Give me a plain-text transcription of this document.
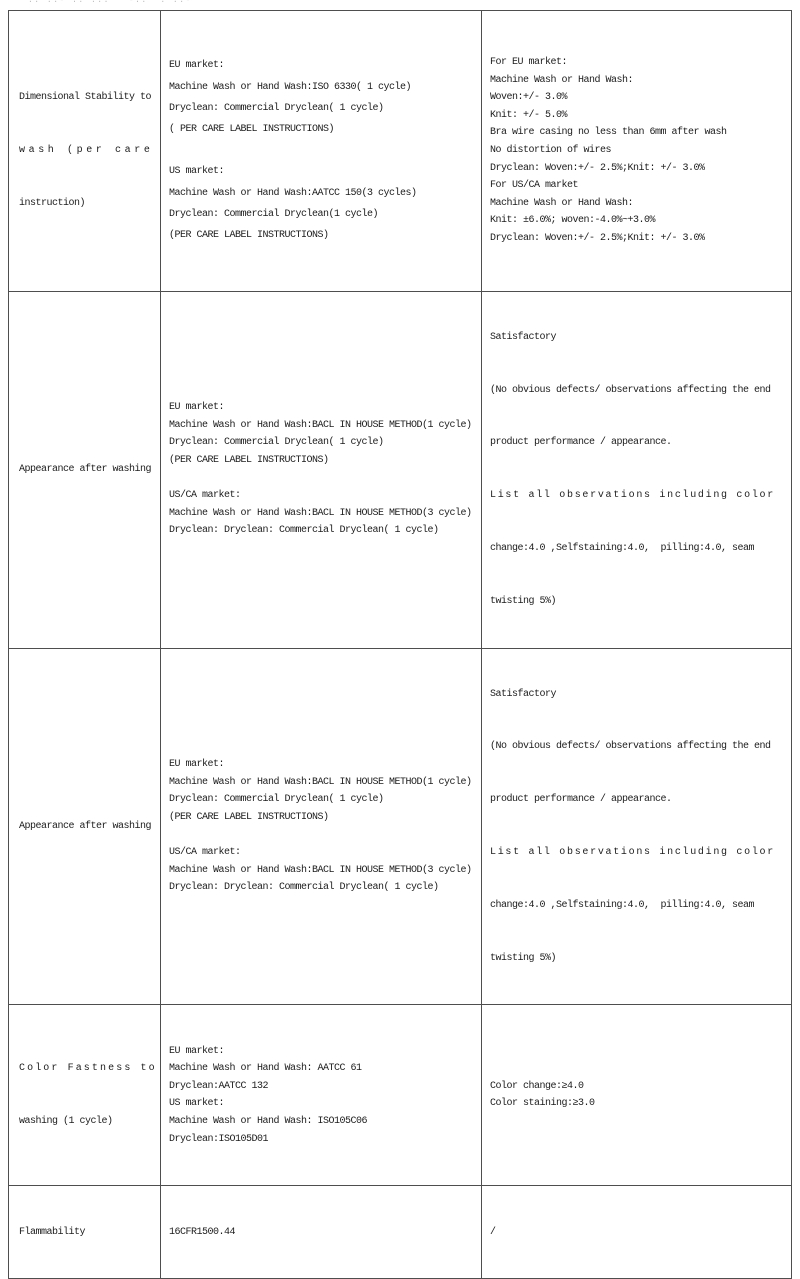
.. ..- .. ...   -..  . ..-

Dimensional Stability to

wash (per care

instruction)

EU market:
Machine Wash or Hand Wash:ISO 6330( 1 cycle)
Dryclean: Commercial Dryclean( 1 cycle)
( PER CARE LABEL INSTRUCTIONS)

US market:
Machine Wash or Hand Wash:AATCC 150(3 cycles)
Dryclean: Commercial Dryclean(1 cycle)
(PER CARE LABEL INSTRUCTIONS)

For EU market:
Machine Wash or Hand Wash:
Woven:+/- 3.0%
Knit: +/- 5.0%
Bra wire casing no less than 6mm after wash
No distortion of wires
Dryclean: Woven:+/- 2.5%;Knit: +/- 3.0%
For US/CA market
Machine Wash or Hand Wash:
Knit: ±6.0%; woven:-4.0%~+3.0%
Dryclean: Woven:+/- 2.5%;Knit: +/- 3.0%

Appearance after washing

EU market:
Machine Wash or Hand Wash:BACL IN HOUSE METHOD(1 cycle)
Dryclean: Commercial Dryclean( 1 cycle)
(PER CARE LABEL INSTRUCTIONS)

US/CA market:
Machine Wash or Hand Wash:BACL IN HOUSE METHOD(3 cycle)
Dryclean: Dryclean: Commercial Dryclean( 1 cycle)

Satisfactory

(No obvious defects/ observations affecting the end

product performance / appearance.

List all observations including color

change:4.0 ,Selfstaining:4.0,  pilling:4.0, seam

twisting 5%)

Appearance after washing

EU market:
Machine Wash or Hand Wash:BACL IN HOUSE METHOD(1 cycle)
Dryclean: Commercial Dryclean( 1 cycle)
(PER CARE LABEL INSTRUCTIONS)

US/CA market:
Machine Wash or Hand Wash:BACL IN HOUSE METHOD(3 cycle)
Dryclean: Dryclean: Commercial Dryclean( 1 cycle)

Satisfactory

(No obvious defects/ observations affecting the end

product performance / appearance.

List all observations including color

change:4.0 ,Selfstaining:4.0,  pilling:4.0, seam

twisting 5%)

Color Fastness to

washing (1 cycle)

EU market:
Machine Wash or Hand Wash: AATCC 61
Dryclean:AATCC 132
US market:
Machine Wash or Hand Wash: ISO105C06
Dryclean:ISO105D01

Color change:≥4.0
Color staining:≥3.0

Flammability	16CFR1500.44	/
